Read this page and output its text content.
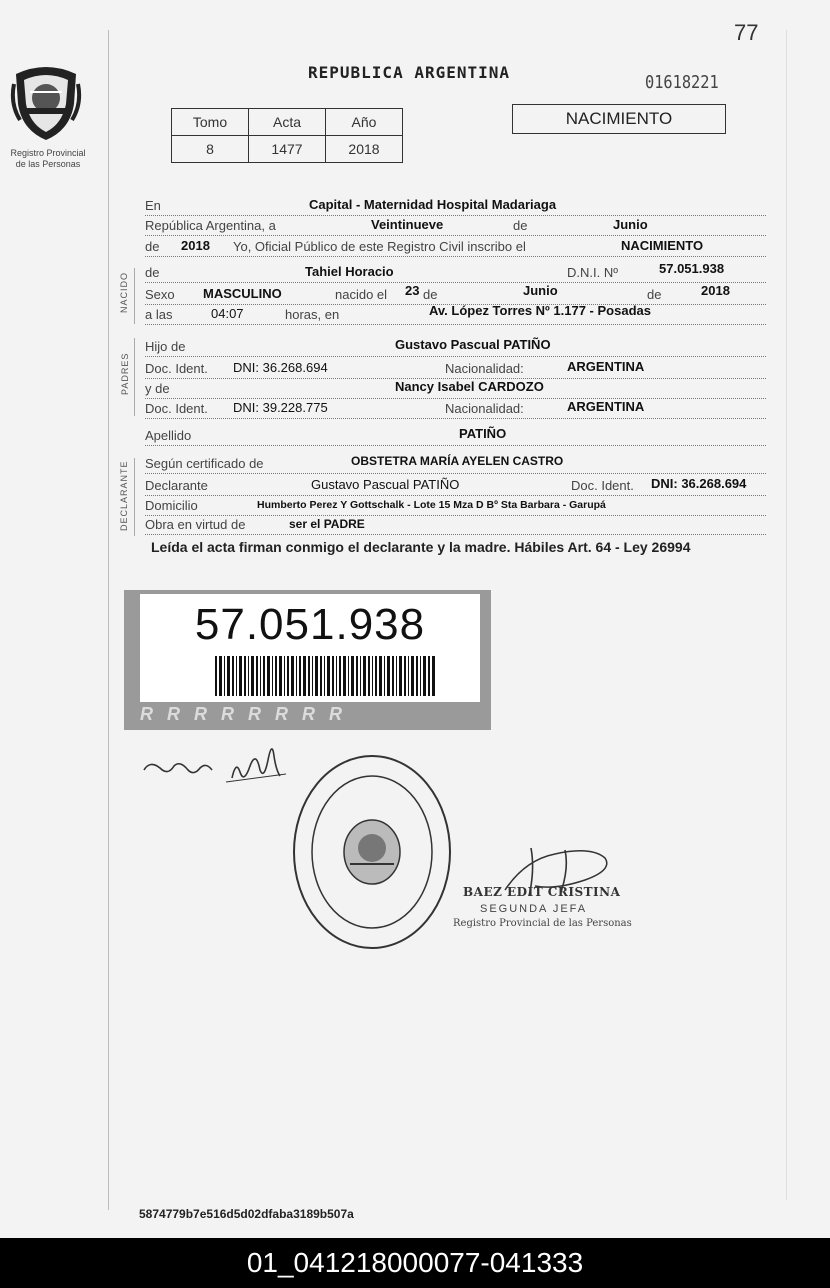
77
Registro Provincial
de las Personas
REPUBLICA ARGENTINA	01618221
Tomo	Acta	Año
8	1477	2018
NACIMIENTO
En	Capital - Maternidad Hospital Madariaga
República Argentina, a	Veintinueve	de	Junio
de 2018 Yo, Oficial Público de este Registro Civil inscribo el	NACIMIENTO
NACIDO de	Tahiel Horacio	D.N.I. Nº	57.051.938
Sexo MASCULINO	nacido el 23 de	Junio	de	2018
a las	04:07	horas, en	Av. López Torres Nº 1.177 - Posadas
PADRES
Hijo de	Gustavo Pascual PATIÑO
Doc. Ident. DNI: 36.268.694	Nacionalidad:	ARGENTINA
y de	Nancy Isabel CARDOZO
Doc. Ident. DNI: 39.228.775	Nacionalidad:	ARGENTINA
Apellido	PATIÑO
DECLARANTE Según certificado de	OBSTETRA MARÍA AYELEN CASTRO
Declarante	Gustavo Pascual PATIÑO	Doc. Ident. DNI: 36.268.694
Domicilio	Humberto Perez Y Gottschalk - Lote 15 Mza D Bº Sta Barbara - Garupá
Obra en virtud de	ser el PADRE
Leída el acta firman conmigo el declarante y la madre. Hábiles Art. 64 - Ley 26994
57.051.938
RRRRRRRR
BAEZ EDIT CRISTINA
SEGUNDA JEFA
Registro Provincial de las Personas
5874779b7e516d5d02dfaba3189b507a
01_041218000077-041333
